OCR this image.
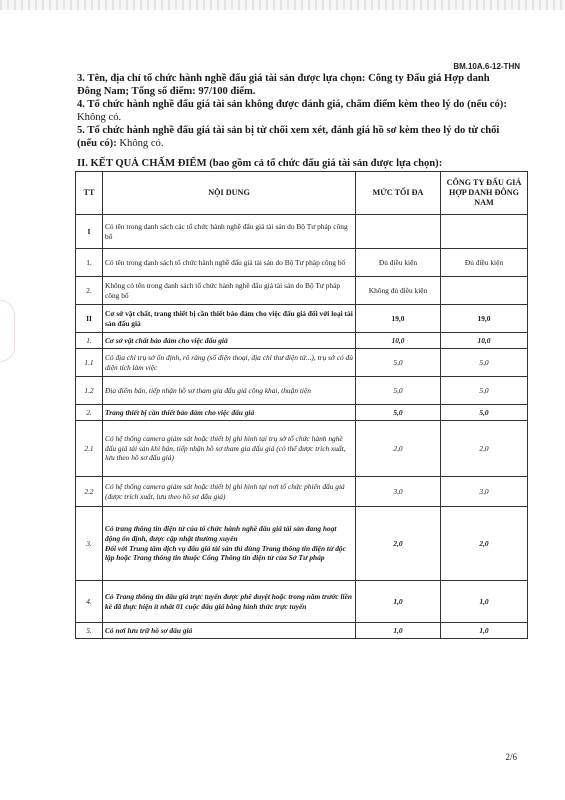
BM.10A.6-12-THN

3. Tên, địa chỉ tổ chức hành nghề đấu giá tài sản được lựa chọn: Công ty Đấu giá Hợp danh Đông Nam; Tổng số điểm: 97/100 điểm.

4. Tổ chức hành nghề đấu giá tài sản không được đánh giá, chấm điểm kèm theo lý do (nếu có): Không có.

5. Tổ chức hành nghề đấu giá tài sản bị từ chối xem xét, đánh giá hồ sơ kèm theo lý do từ chối (nếu có): Không có.

II. KẾT QUẢ CHẤM ĐIỂM (bao gồm cả tổ chức đấu giá tài sản được lựa chọn):
TT	NỘI DUNG	MỨC TỐI ĐA	CÔNG TY ĐẤU GIÁ HỢP DANH ĐÔNG NAM
I	Có tên trong danh sách các tổ chức hành nghề đấu giá tài sản do Bộ Tư pháp công bố		
1.	Có tên trong danh sách tổ chức hành nghề đấu giá tài sản do Bộ Tư pháp công bố	Đủ điều kiện	Đủ điều kiện
2.	Không có tên trong danh sách tổ chức hành nghề đấu giá tài sản do Bộ Tư pháp công bố	Không đủ điều kiện	
II	Cơ sở vật chất, trang thiết bị cần thiết bảo đảm cho việc đấu giá đối với loại tài sản đấu giá	19,0	19,0
1.	Cơ sở vật chất bảo đảm cho việc đấu giá	10,0	10,0
1.1	Có địa chỉ trụ sở ổn định, rõ ràng (số điện thoại, địa chỉ thư điện tử...), trụ sở có đủ diện tích làm việc	5,0	5,0
1.2	Địa điểm bán, tiếp nhận hồ sơ tham gia đấu giá công khai, thuận tiện	5,0	5,0
2.	Trang thiết bị cần thiết bảo đảm cho việc đấu giá	5,0	5,0
2.1	Có hệ thống camera giám sát hoặc thiết bị ghi hình tại trụ sở tổ chức hành nghề đấu giá tài sản khi bán, tiếp nhận hồ sơ tham gia đấu giá (có thể được trích xuất, lưu theo hồ sơ đấu giá)	2,0	2,0
2.2	Có hệ thống camera giám sát hoặc thiết bị ghi hình tại nơi tổ chức phiên đấu giá (được trích xuất, lưu theo hồ sơ đấu giá)	3,0	3,0
3.	Có trang thông tin điện tử của tổ chức hành nghề đấu giá tài sản đang hoạt động ổn định, được cập nhật thường xuyên
Đối với Trung tâm dịch vụ đấu giá tài sản thì dùng Trang thông tin điện tử độc lập hoặc Trang thông tin thuộc Cổng Thông tin điện tử của Sở Tư pháp	2,0	2,0
4.	Có Trang thông tin đấu giá trực tuyến được phê duyệt hoặc trong năm trước liền kề đã thực hiện ít nhất 01 cuộc đấu giá bằng hình thức trực tuyến	1,0	1,0
5.	Có nơi lưu trữ hồ sơ đấu giá	1,0	1,0
2/6
